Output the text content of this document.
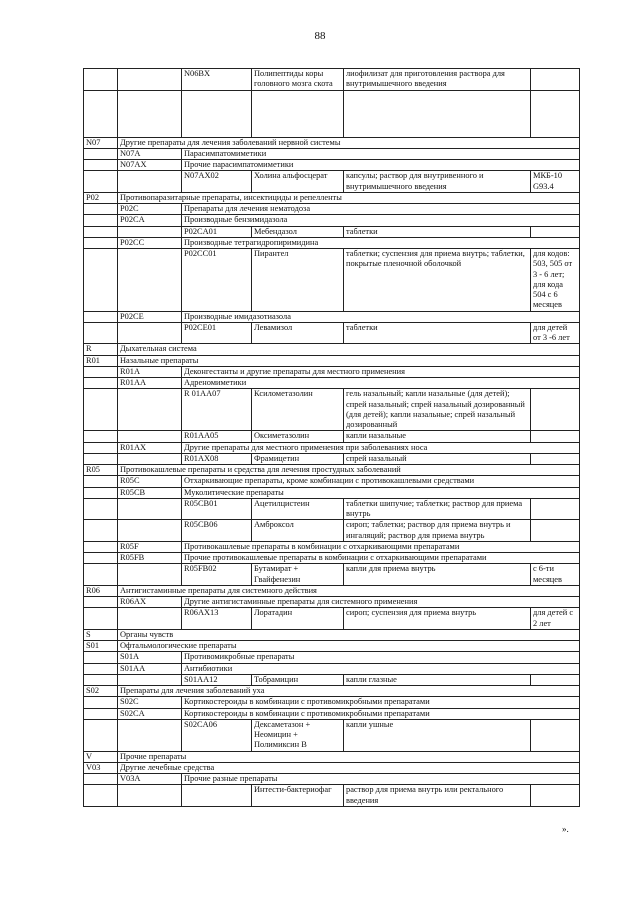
88
		N06BX	Полипептиды коры головного мозга скота	лиофилизат для приготовления раствора для внутримышечного введения	

N07	Другие препараты для лечения заболеваний нервной системы				
	N07A	Парасимпатомиметики			
	N07AX	Прочие парасимпатомиметики			
		N07AX02	Холина альфосцерат	капсулы; раствор для внутривенного и внутримышечного введения	МКБ-10 G93.4
P02	Противопаразитарные препараты, инсектициды и репелленты				
	P02C	Препараты для лечения нематодоза			
	P02CA	Производные бензимидазола			
		P02CA01	Мебендазол	таблетки	
	P02CC	Производные тетрагидропиримидина			
		P02CC01	Пирантел	таблетки; суспензия для приема внутрь; таблетки, покрытые пленочной оболочкой	для кодов: 503, 505 от 3 - 6 лет; для кода 504 с 6 месяцев
	P02CE	Производные имидазотиазола			
		P02CE01	Левамизол	таблетки	для детей от 3 -6 лет
R	Дыхательная система				
R01	Назальные препараты				
	R01A	Деконгестанты и другие препараты для местного применения			
	R01AA	Адреномиметики			
		R 01AA07	Ксилометазолин	гель назальный; капли назальные (для детей); спрей назальный; спрей назальный дозированный (для детей); капли назальные; спрей назальный дозированный	
		R01AA05	Оксиметазолин	капли назальные	
	R01AX	Другие препараты для местного применения при заболеваниях носа			
		R01AX08	Фрамицетин	спрей назальный	
R05	Противокашлевые препараты и средства для лечения простудных заболеваний				
	R05C	Отхаркивающие препараты, кроме комбинации с противокашлевыми средствами			
	R05CB	Муколитические препараты			
		R05CB01	Ацетилцистеин	таблетки шипучие; таблетки; раствор для приема внутрь	
		R05CB06	Амброксол	сироп; таблетки; раствор для приема внутрь и ингаляций; раствор для приема внутрь	
	R05F	Противокашлевые препараты в комбинации с отхаркивающими препаратами			
	R05FB	Прочие противокашлевые препараты в комбинации с отхаркивающими препаратами			
		R05FB02	Бутамират + Гвайфенезин	капли для приема внутрь	с 6-ти месяцев
R06	Антигистаминные препараты для системного действия				
	R06AX	Другие антигистаминные препараты для системного применения			
		R06AX13	Лоратадин	сироп; суспензия для приема внутрь	для детей с 2 лет
S	Органы чувств				
S01	Офтальмологические препараты				
	S01A	Противомикробные препараты			
	S01AA	Антибиотики			
		S01AA12	Тобрамицин	капли глазные	
S02	Препараты для лечения заболеваний уха				
	S02C	Кортикостероиды в комбинации с противомикробными препаратами			
	S02CA	Кортикостероиды в комбинации с противомикробными препаратами			
		S02CA06	Дексаметазон + Неомицин + Полимиксин В	капли ушные	
V	Прочие препараты				
V03	Другие лечебные средства				
	V03A	Прочие разные препараты			
			Интести-бактериофаг	раствор для приема внутрь или ректального введения	
».
